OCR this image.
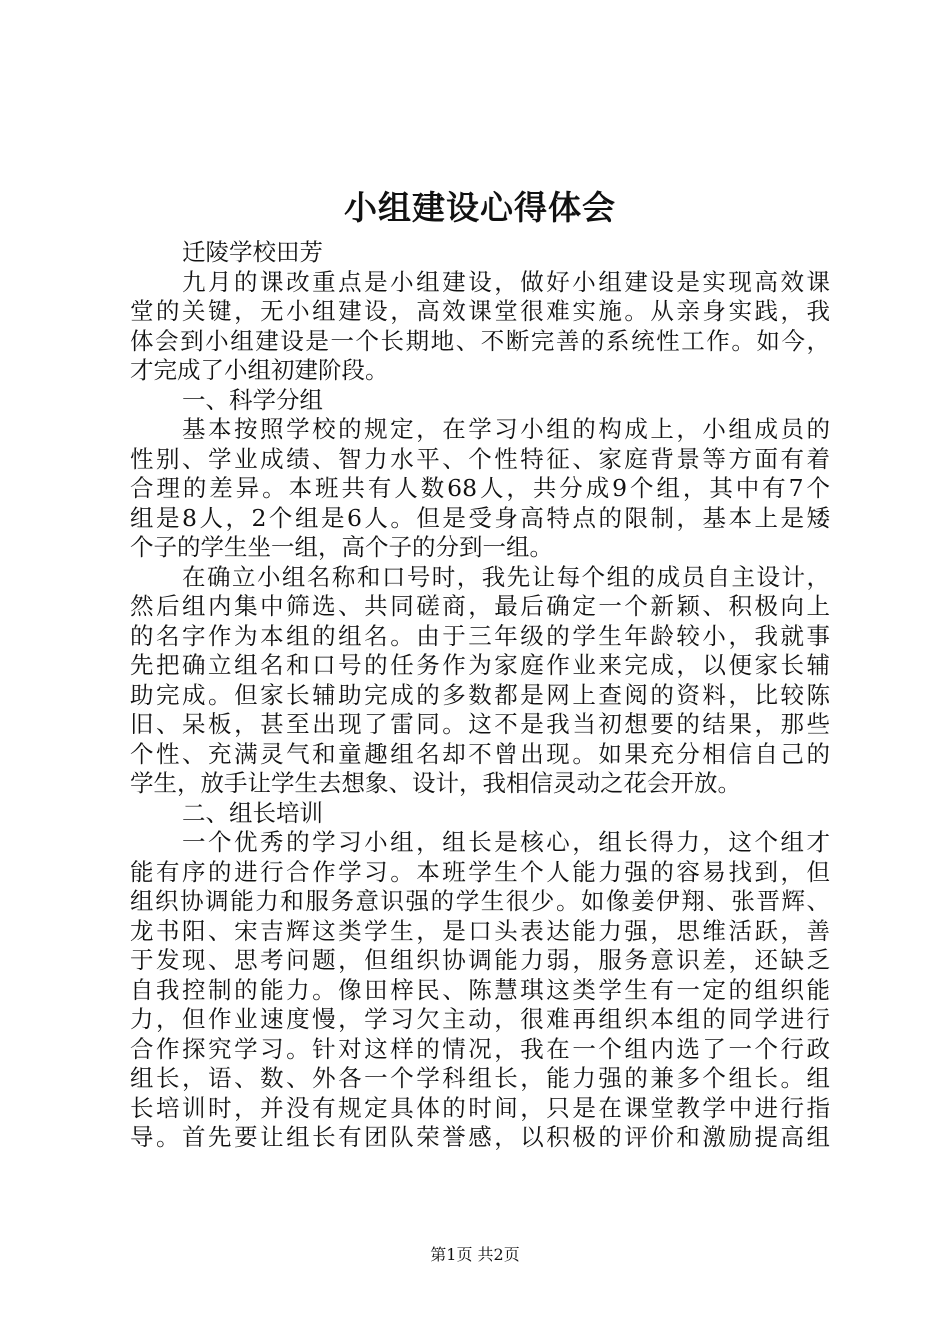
小组建设心得体会
迁陵学校田芳
九月的课改重点是小组建设，做好小组建设是实现高效课
堂的关键，无小组建设，高效课堂很难实施。从亲身实践，我
体会到小组建设是一个长期地、不断完善的系统性工作。如今，
才完成了小组初建阶段。
一、科学分组
基本按照学校的规定，在学习小组的构成上，小组成员的
性别、学业成绩、智力水平、个性特征、家庭背景等方面有着
合理的差异。本班共有人数68人，共分成9个组，其中有7个
组是8人，2个组是6人。但是受身高特点的限制，基本上是矮
个子的学生坐一组，高个子的分到一组。
在确立小组名称和口号时，我先让每个组的成员自主设计，
然后组内集中筛选、共同磋商，最后确定一个新颖、积极向上
的名字作为本组的组名。由于三年级的学生年龄较小，我就事
先把确立组名和口号的任务作为家庭作业来完成，以便家长辅
助完成。但家长辅助完成的多数都是网上查阅的资料，比较陈
旧、呆板，甚至出现了雷同。这不是我当初想要的结果，那些
个性、充满灵气和童趣组名却不曾出现。如果充分相信自己的
学生，放手让学生去想象、设计，我相信灵动之花会开放。
二、组长培训
一个优秀的学习小组，组长是核心，组长得力，这个组才
能有序的进行合作学习。本班学生个人能力强的容易找到，但
组织协调能力和服务意识强的学生很少。如像姜伊翔、张晋辉、
龙书阳、宋吉辉这类学生，是口头表达能力强，思维活跃，善
于发现、思考问题，但组织协调能力弱，服务意识差，还缺乏
自我控制的能力。像田梓民、陈慧琪这类学生有一定的组织能
力，但作业速度慢，学习欠主动，很难再组织本组的同学进行
合作探究学习。针对这样的情况，我在一个组内选了一个行政
组长，语、数、外各一个学科组长，能力强的兼多个组长。组
长培训时，并没有规定具体的时间，只是在课堂教学中进行指
导。首先要让组长有团队荣誉感，以积极的评价和激励提高组
第1页 共2页
